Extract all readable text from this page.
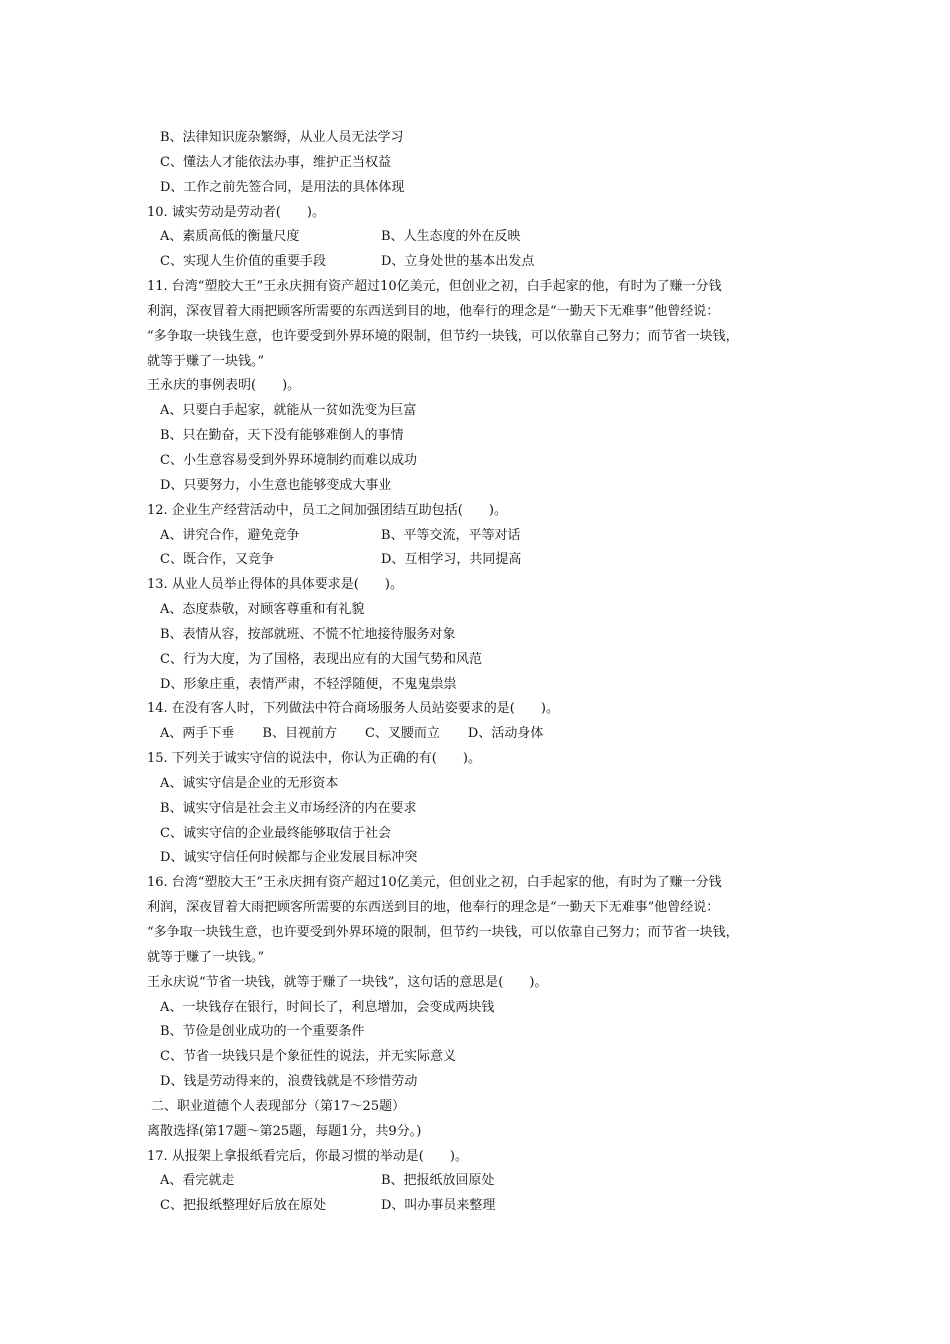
B、法律知识庞杂繁缛，从业人员无法学习
C、懂法人才能依法办事，维护正当权益
D、工作之前先签合同，是用法的具体体现
10. 诚实劳动是劳动者(　　)。
A、素质高低的衡量尺度	B、人生态度的外在反映
C、实现人生价值的重要手段	D、立身处世的基本出发点
11. 台湾“塑胶大王”王永庆拥有资产超过10亿美元，但创业之初，白手起家的他，有时为了赚一分钱
利润，深夜冒着大雨把顾客所需要的东西送到目的地，他奉行的理念是“一勤天下无难事”他曾经说：
“多争取一块钱生意，也许要受到外界环境的限制，但节约一块钱，可以依靠自己努力；而节省一块钱，
就等于赚了一块钱。”
王永庆的事例表明(　　)。
A、只要白手起家，就能从一贫如洗变为巨富
B、只在勤奋，天下没有能够难倒人的事情
C、小生意容易受到外界环境制约而难以成功
D、只要努力，小生意也能够变成大事业
12. 企业生产经营活动中，员工之间加强团结互助包括(　　)。
A、讲究合作，避免竞争	B、平等交流，平等对话
C、既合作，又竞争	D、互相学习，共同提高
13. 从业人员举止得体的具体要求是(　　)。
A、态度恭敬，对顾客尊重和有礼貌
B、表情从容，按部就班、不慌不忙地接待服务对象
C、行为大度，为了国格，表现出应有的大国气势和风范
D、形象庄重，表情严肃，不轻浮随便，不鬼鬼祟祟
14. 在没有客人时，下列做法中符合商场服务人员站姿要求的是(　　)。
A、两手下垂 B、目视前方 C、叉腰而立 D、活动身体
15. 下列关于诚实守信的说法中，你认为正确的有(　　)。
A、诚实守信是企业的无形资本
B、诚实守信是社会主义市场经济的内在要求
C、诚实守信的企业最终能够取信于社会
D、诚实守信任何时候都与企业发展目标冲突
16. 台湾“塑胶大王”王永庆拥有资产超过10亿美元，但创业之初，白手起家的他，有时为了赚一分钱
利润，深夜冒着大雨把顾客所需要的东西送到目的地，他奉行的理念是“一勤天下无难事”他曾经说：
“多争取一块钱生意，也许要受到外界环境的限制，但节约一块钱，可以依靠自己努力；而节省一块钱，
就等于赚了一块钱。”
王永庆说“节省一块钱，就等于赚了一块钱”，这句话的意思是(　　)。
A、一块钱存在银行，时间长了，利息增加，会变成两块钱
B、节俭是创业成功的一个重要条件
C、节省一块钱只是个象征性的说法，并无实际意义
D、钱是劳动得来的，浪费钱就是不珍惜劳动
二、职业道德个人表现部分（第17～25题）
离散选择(第17题～第25题，每题1分，共9分。)
17. 从报架上拿报纸看完后，你最习惯的举动是(　　)。
A、看完就走	B、把报纸放回原处
C、把报纸整理好后放在原处	D、叫办事员来整理
